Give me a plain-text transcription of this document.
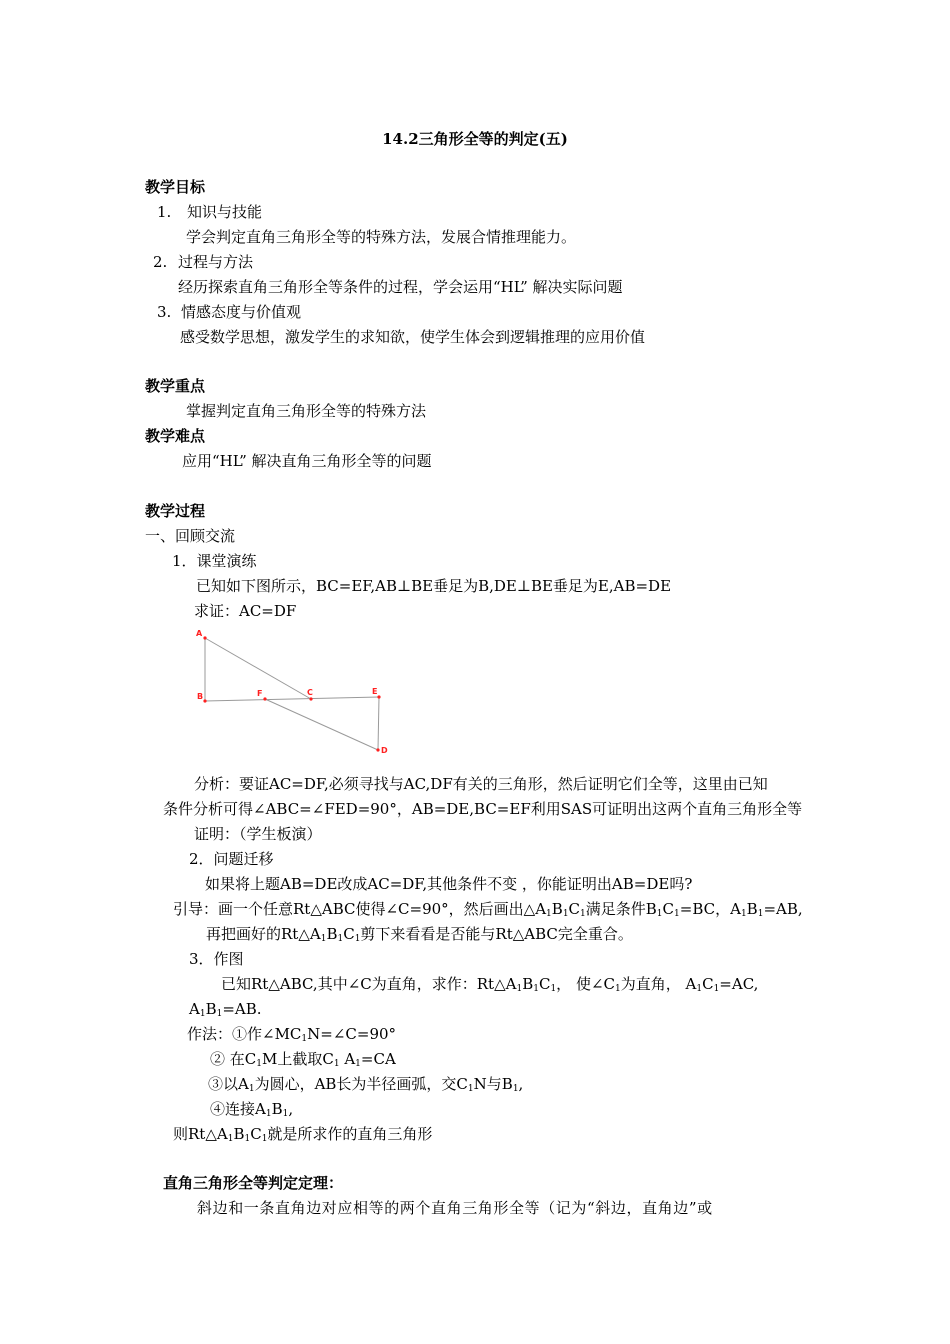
14.2三角形全等的判定(五)
教学目标
1. 知识与技能
学会判定直角三角形全等的特殊方法，发展合情推理能力。
2. 过程与方法
经历探索直角三角形全等条件的过程，学会运用“HL” 解决实际问题
3. 情感态度与价值观
感受数学思想，激发学生的求知欲，使学生体会到逻辑推理的应用价值
教学重点
掌握判定直角三角形全等的特殊方法
教学难点
应用“HL” 解决直角三角形全等的问题
教学过程
一、回顾交流
1．课堂演练
已知如下图所示，BC=EF,AB⊥BE垂足为B,DE⊥BE垂足为E,AB=DE
求证：AC=DF
A
B	F	C	E
D
分析：要证AC=DF,必须寻找与AC,DF有关的三角形，然后证明它们全等，这里由已知
条件分析可得∠ABC=∠FED=90°，AB=DE,BC=EF利用SAS可证明出这两个直角三角形全等
证明：（学生板演）
2．问题迁移
如果将上题AB=DE改成AC=DF,其他条件不变 ，你能证明出AB=DE吗?
引导：画一个任意Rt△ABC使得∠C=90°，然后画出$\triangle A_1B_1C_1$满足条件$B_1C_1=BC$，$A_1B_1=AB$,
再把画好的$Rt\triangle A_1B_1C_1$剪下来看看是否能与Rt△ABC完全重合。
3．作图
已知Rt△ABC,其中∠C为直角，求作：$Rt\triangle A_1B_1C_1$， 使$\angle C_1$为直角， $A_1C_1=AC$,
$A_1B_1=AB$.
作法：①作$\angle MC_1N=\angle C=90^\circ$
② 在$C_1M$上截取$C_1$ $A_1=CA$
③以$A_1$为圆心，AB长为半径画弧，交$C_1N$与$B_1$,
④连接$A_1B_1$,
则$Rt\triangle A_1B_1C_1$就是所求作的直角三角形
直角三角形全等判定定理：
斜边和一条直角边对应相等的两个直角三角形全等（记为“斜边，直角边”或
